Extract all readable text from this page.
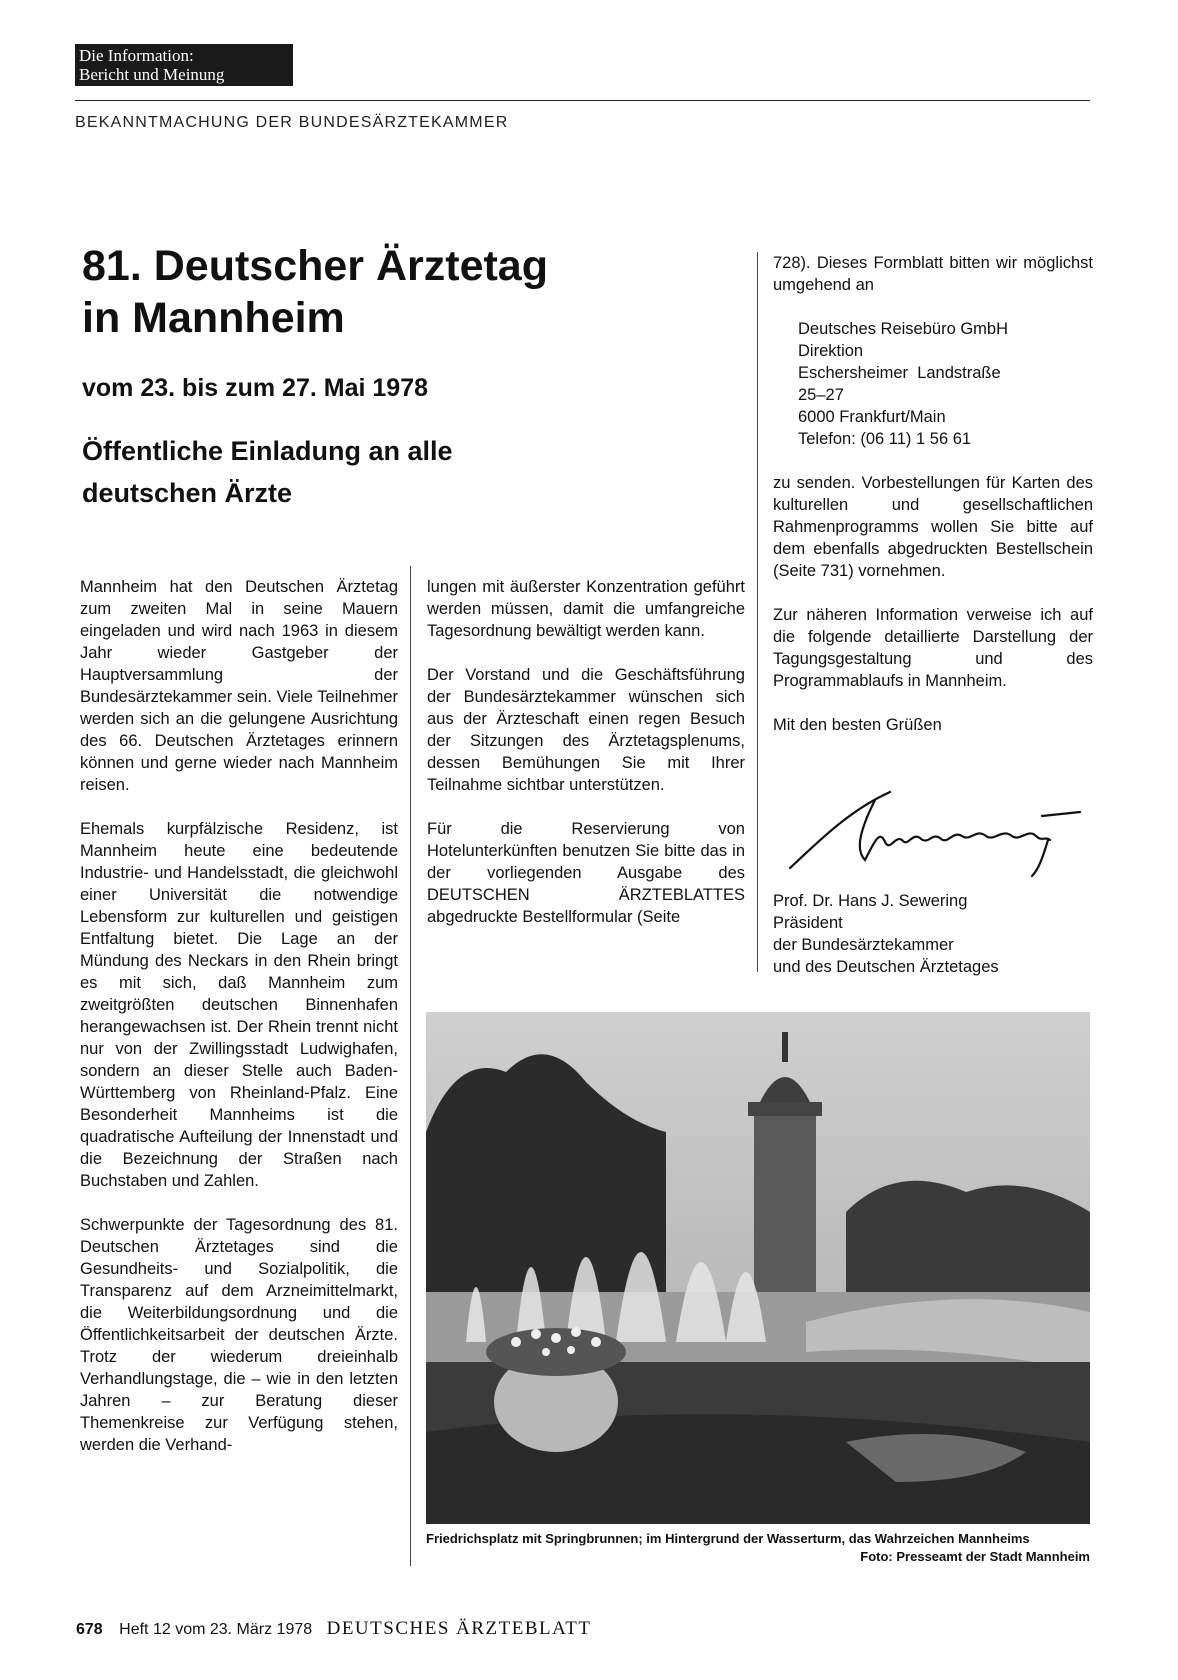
Die Information:
Bericht und Meinung
BEKANNTMACHUNG DER BUNDESÄRZTEKAMMER
81. Deutscher Ärztetag
in Mannheim
vom 23. bis zum 27. Mai 1978
Öffentliche Einladung an alle
deutschen Ärzte

Mannheim hat den Deutschen Ärztetag zum zweiten Mal in seine Mauern eingeladen und wird nach 1963 in diesem Jahr wieder Gastgeber der Hauptversammlung der Bundesärztekammer sein. Viele Teilnehmer werden sich an die gelungene Ausrichtung des 66. Deutschen Ärztetages erinnern können und gerne wieder nach Mannheim reisen.

Ehemals kurpfälzische Residenz, ist Mannheim heute eine bedeutende Industrie- und Handelsstadt, die gleichwohl einer Universität die notwendige Lebensform zur kulturellen und geistigen Entfaltung bietet. Die Lage an der Mündung des Neckars in den Rhein bringt es mit sich, daß Mannheim zum zweitgrößten deutschen Binnenhafen herangewachsen ist. Der Rhein trennt nicht nur von der Zwillingsstadt Ludwighafen, sondern an dieser Stelle auch Baden-Württemberg von Rheinland-Pfalz. Eine Besonderheit Mannheims ist die quadratische Aufteilung der Innenstadt und die Bezeichnung der Straßen nach Buchstaben und Zahlen.

Schwerpunkte der Tagesordnung des 81. Deutschen Ärztetages sind die Gesundheits- und Sozialpolitik, die Transparenz auf dem Arzneimittelmarkt, die Weiterbildungsordnung und die Öffentlichkeitsarbeit der deutschen Ärzte. Trotz der wiederum dreieinhalb Verhandlungstage, die – wie in den letzten Jahren – zur Beratung dieser Themenkreise zur Verfügung stehen, werden die Verhand-

lungen mit äußerster Konzentration geführt werden müssen, damit die umfangreiche Tagesordnung bewältigt werden kann.

Der Vorstand und die Geschäftsführung der Bundesärztekammer wünschen sich aus der Ärzteschaft einen regen Besuch der Sitzungen des Ärztetagsplenums, dessen Bemühungen Sie mit Ihrer Teilnahme sichtbar unterstützen.

Für die Reservierung von Hotelunterkünften benutzen Sie bitte das in der vorliegenden Ausgabe des DEUTSCHEN ÄRZTEBLATTES abgedruckte Bestellformular (Seite

728). Dieses Formblatt bitten wir möglichst umgehend an

Deutsches Reisebüro GmbH
Direktion
Eschersheimer  Landstraße
25–27
6000 Frankfurt/Main
Telefon: (06 11) 1 56 61

zu senden. Vorbestellungen für Karten des kulturellen und gesellschaftlichen Rahmenprogramms wollen Sie bitte auf dem ebenfalls abgedruckten Bestellschein (Seite 731) vornehmen.

Zur näheren Information verweise ich auf die folgende detaillierte Darstellung der Tagungsgestaltung und des Programmablaufs in Mannheim.

Mit den besten Grüßen

Prof. Dr. Hans J. Sewering
Präsident
der Bundesärztekammer
und des Deutschen Ärztetages
Friedrichsplatz mit Springbrunnen; im Hintergrund der Wasserturm, das Wahrzeichen Mannheims
Foto: Presseamt der Stadt Mannheim
678 Heft 12 vom 23. März 1978 DEUTSCHES ÄRZTEBLATT
